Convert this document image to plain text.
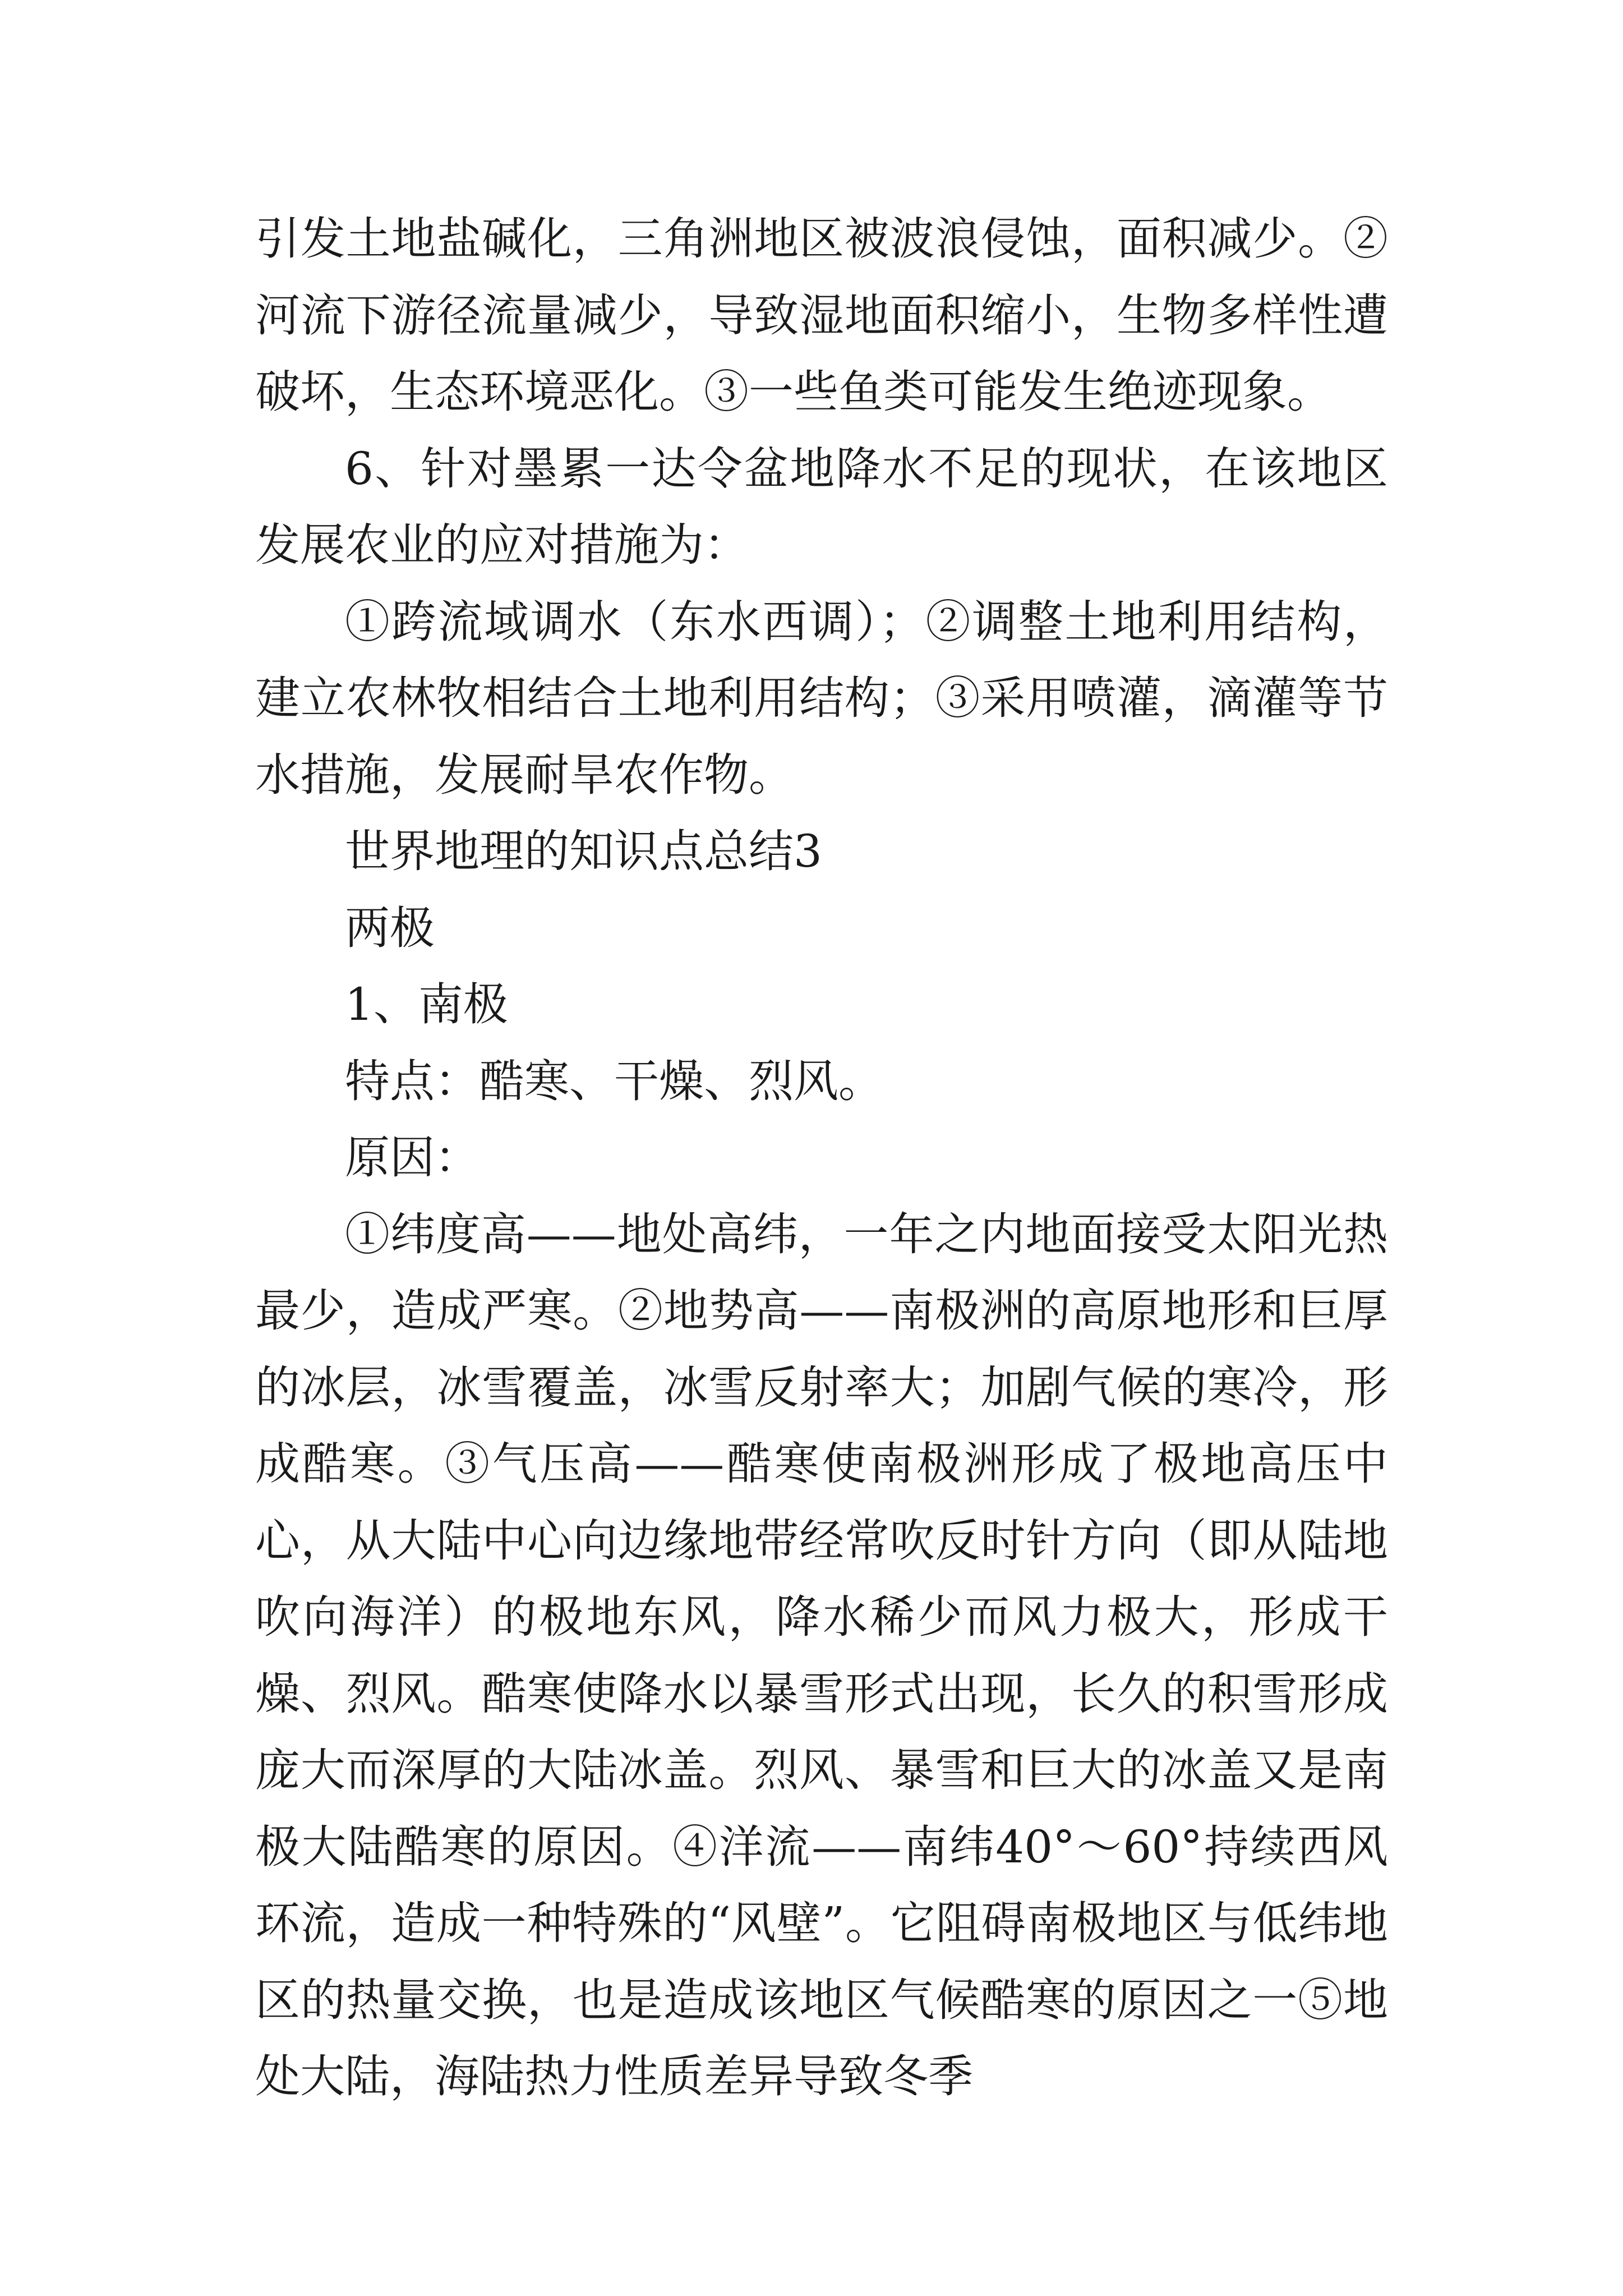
引发土地盐碱化，三角洲地区被波浪侵蚀，面积减少。②河流下游径流量减少，导致湿地面积缩小，生物多样性遭破坏，生态环境恶化。③一些鱼类可能发生绝迹现象。

6、针对墨累一达令盆地降水不足的现状，在该地区发展农业的应对措施为：

①跨流域调水（东水西调）；②调整土地利用结构，建立农林牧相结合土地利用结构；③采用喷灌，滴灌等节水措施，发展耐旱农作物。

世界地理的知识点总结3

两极

1、南极

特点：酷寒、干燥、烈风。

原因：

①纬度高——地处高纬，一年之内地面接受太阳光热最少，造成严寒。②地势高——南极洲的高原地形和巨厚的冰层，冰雪覆盖，冰雪反射率大；加剧气候的寒冷，形成酷寒。③气压高——酷寒使南极洲形成了极地高压中心，从大陆中心向边缘地带经常吹反时针方向（即从陆地吹向海洋）的极地东风，降水稀少而风力极大，形成干燥、烈风。酷寒使降水以暴雪形式出现，长久的积雪形成庞大而深厚的大陆冰盖。烈风、暴雪和巨大的冰盖又是南极大陆酷寒的原因。④洋流——南纬40°～60°持续西风环流，造成一种特殊的“风壁”。它阻碍南极地区与低纬地区的热量交换，也是造成该地区气候酷寒的原因之一⑤地处大陆，海陆热力性质差异导致冬季
